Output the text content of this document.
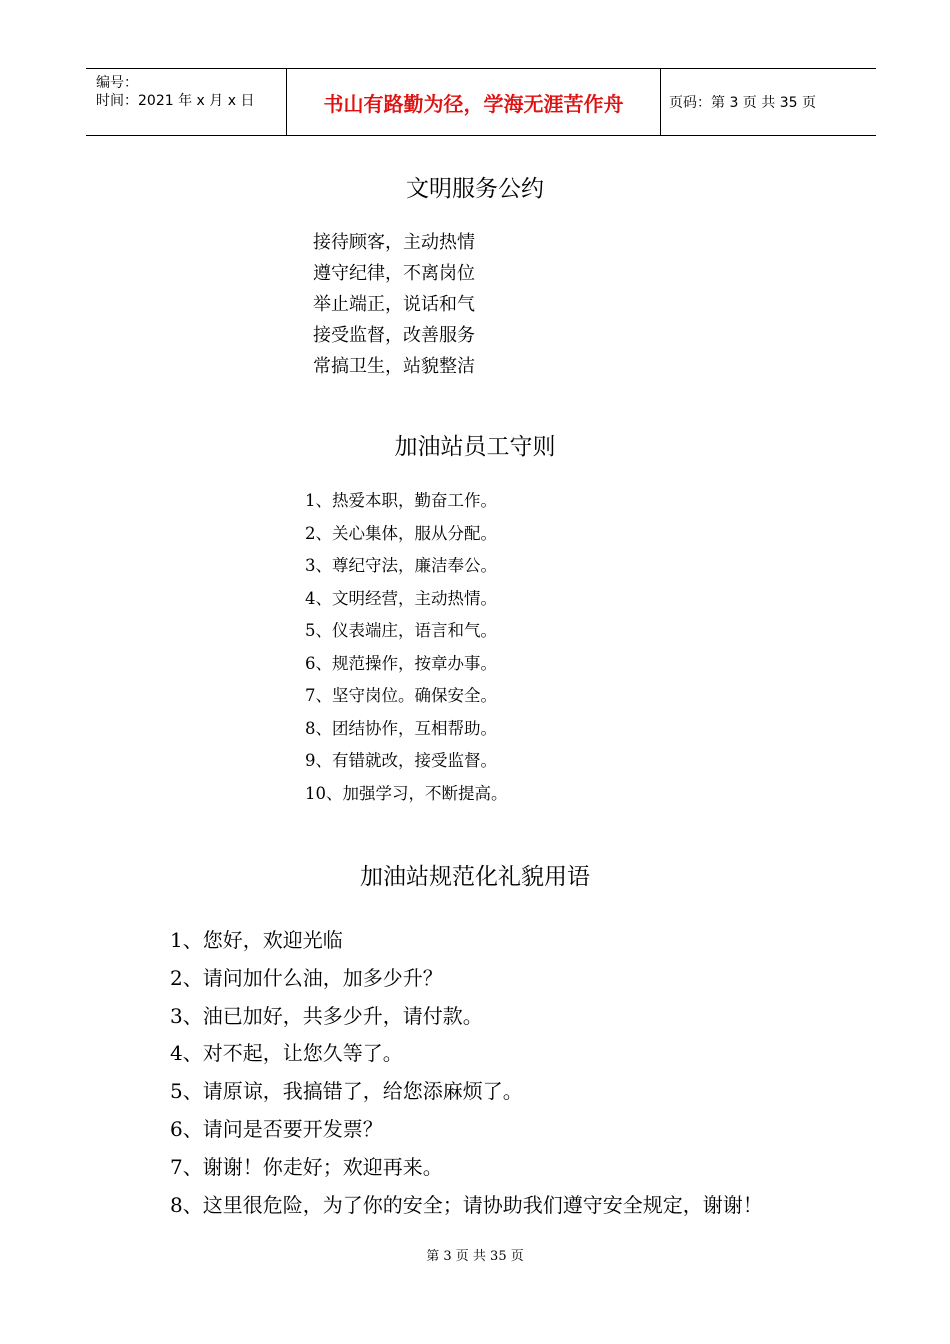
编号：
时间：2021 年 x 月 x 日	书山有路勤为径，学海无涯苦作舟	页码：第 3 页 共 35 页
文明服务公约
接待顾客，主动热情
遵守纪律，不离岗位
举止端正，说话和气
接受监督，改善服务
常搞卫生，站貌整洁
加油站员工守则
1、热爱本职，勤奋工作。
2、关心集体，服从分配。
3、尊纪守法，廉洁奉公。
4、文明经营，主动热情。
5、仪表端庄，语言和气。
6、规范操作，按章办事。
7、坚守岗位。确保安全。
8、团结协作，互相帮助。
9、有错就改，接受监督。
10、加强学习，不断提高。
加油站规范化礼貌用语
1、您好，欢迎光临
2、请问加什么油，加多少升？
3、油已加好，共多少升，请付款。
4、对不起，让您久等了。
5、请原谅，我搞错了，给您添麻烦了。
6、请问是否要开发票？
7、谢谢！你走好；欢迎再来。
8、这里很危险，为了你的安全；请协助我们遵守安全规定，谢谢！
第 3 页 共 35 页
